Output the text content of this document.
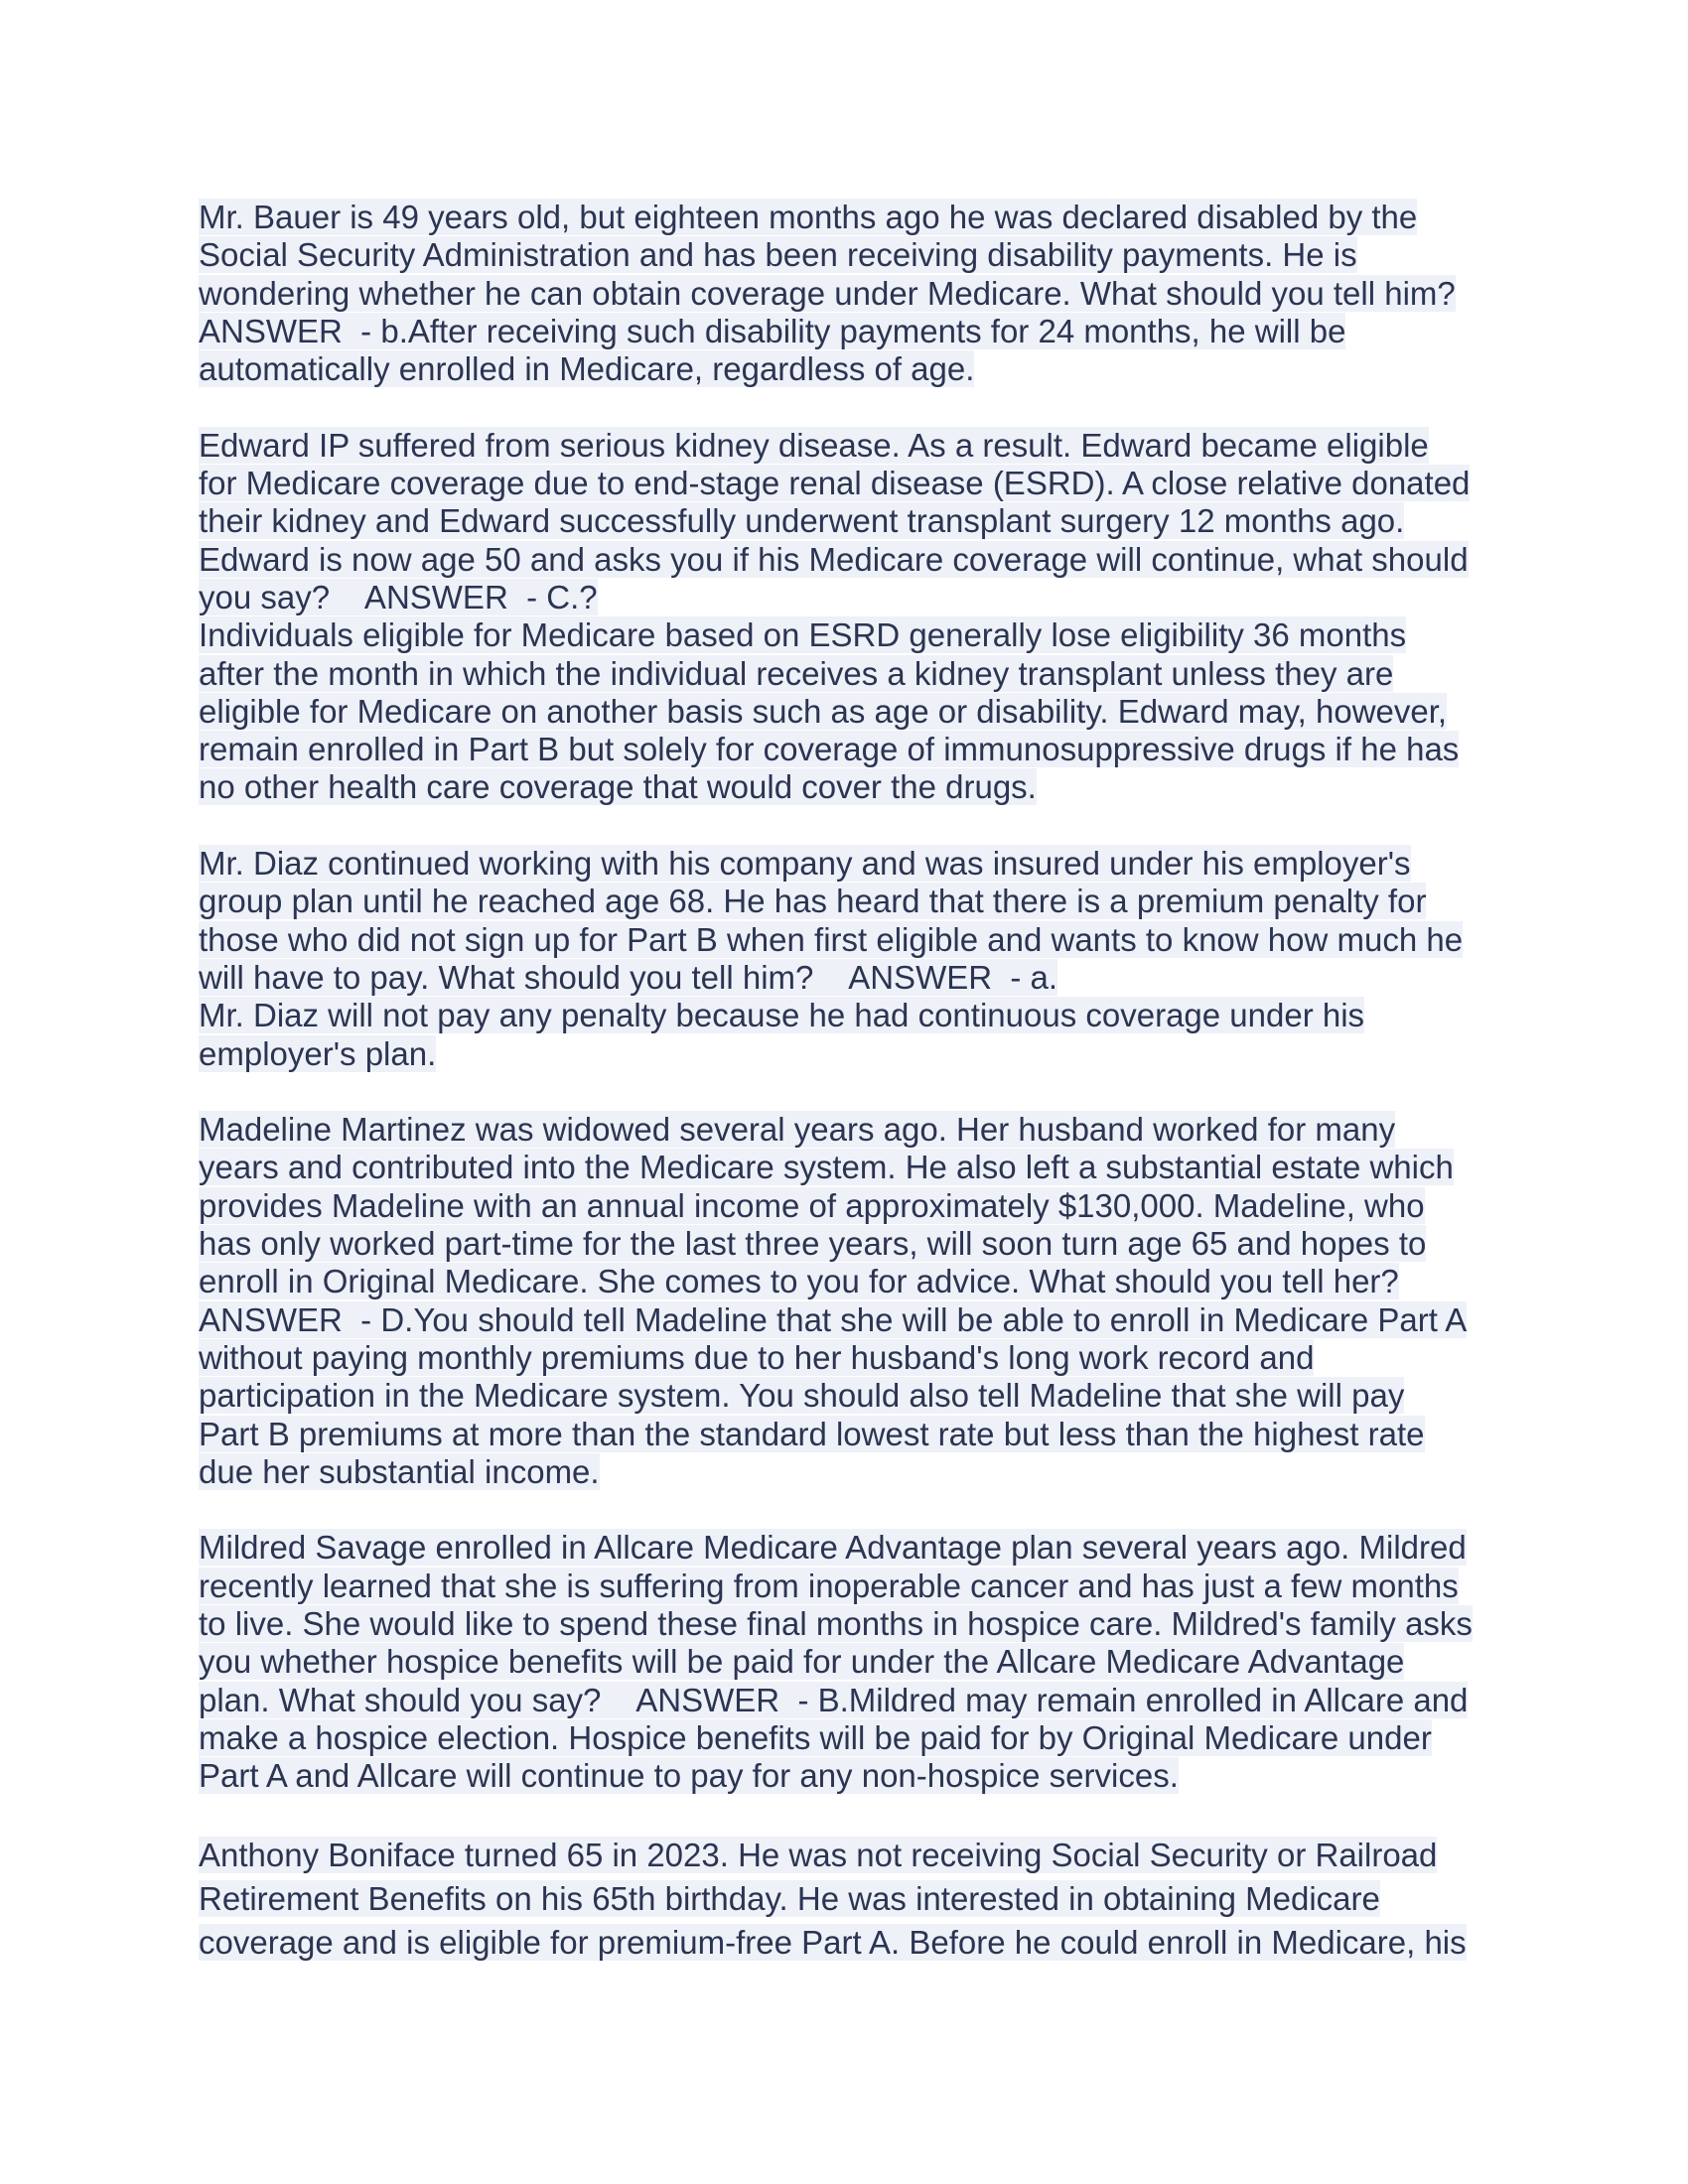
Mr. Bauer is 49 years old, but eighteen months ago he was declared disabled by the
Social Security Administration and has been receiving disability payments. He is
wondering whether he can obtain coverage under Medicare. What should you tell him?
ANSWER  - b.After receiving such disability payments for 24 months, he will be
automatically enrolled in Medicare, regardless of age.
Edward IP suffered from serious kidney disease. As a result. Edward became eligible
for Medicare coverage due to end-stage renal disease (ESRD). A close relative donated
their kidney and Edward successfully underwent transplant surgery 12 months ago.
Edward is now age 50 and asks you if his Medicare coverage will continue, what should
you say?    ANSWER  - C.?
Individuals eligible for Medicare based on ESRD generally lose eligibility 36 months
after the month in which the individual receives a kidney transplant unless they are
eligible for Medicare on another basis such as age or disability. Edward may, however,
remain enrolled in Part B but solely for coverage of immunosuppressive drugs if he has
no other health care coverage that would cover the drugs.
Mr. Diaz continued working with his company and was insured under his employer's
group plan until he reached age 68. He has heard that there is a premium penalty for
those who did not sign up for Part B when first eligible and wants to know how much he
will have to pay. What should you tell him?    ANSWER  - a.
Mr. Diaz will not pay any penalty because he had continuous coverage under his
employer's plan.
Madeline Martinez was widowed several years ago. Her husband worked for many
years and contributed into the Medicare system. He also left a substantial estate which
provides Madeline with an annual income of approximately $130,000. Madeline, who
has only worked part-time for the last three years, will soon turn age 65 and hopes to
enroll in Original Medicare. She comes to you for advice. What should you tell her?
ANSWER  - D.You should tell Madeline that she will be able to enroll in Medicare Part A
without paying monthly premiums due to her husband's long work record and
participation in the Medicare system. You should also tell Madeline that she will pay
Part B premiums at more than the standard lowest rate but less than the highest rate
due her substantial income.
Mildred Savage enrolled in Allcare Medicare Advantage plan several years ago. Mildred
recently learned that she is suffering from inoperable cancer and has just a few months
to live. She would like to spend these final months in hospice care. Mildred's family asks
you whether hospice benefits will be paid for under the Allcare Medicare Advantage
plan. What should you say?    ANSWER  - B.Mildred may remain enrolled in Allcare and
make a hospice election. Hospice benefits will be paid for by Original Medicare under
Part A and Allcare will continue to pay for any non-hospice services.
Anthony Boniface turned 65 in 2023. He was not receiving Social Security or Railroad
Retirement Benefits on his 65th birthday. He was interested in obtaining Medicare
coverage and is eligible for premium-free Part A. Before he could enroll in Medicare, his
